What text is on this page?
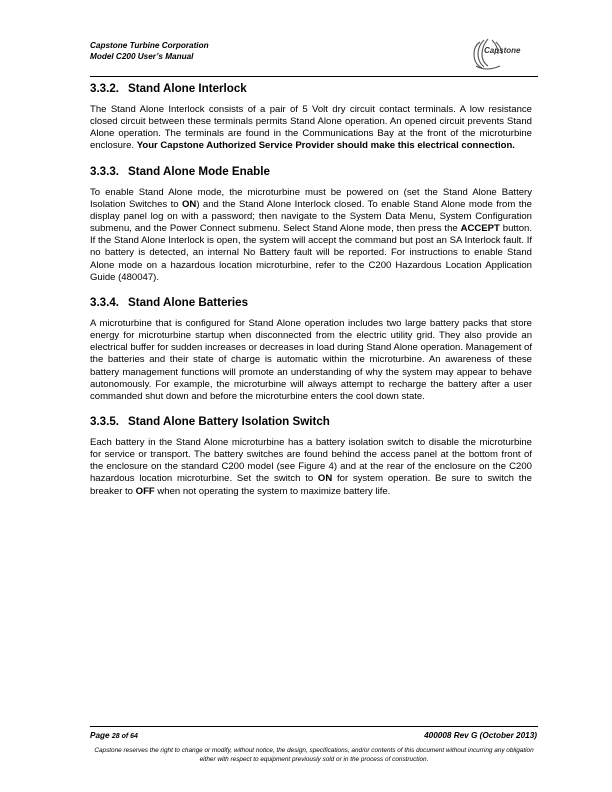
Capstone Turbine Corporation
Model C200 User’s Manual
Capstone
3.3.2. Stand Alone Interlock

The Stand Alone Interlock consists of a pair of 5 Volt dry circuit contact terminals. A low resistance closed circuit between these terminals permits Stand Alone operation. An opened circuit prevents Stand Alone operation. The terminals are found in the Communications Bay at the front of the microturbine enclosure. Your Capstone Authorized Service Provider should make this electrical connection.

3.3.3. Stand Alone Mode Enable

To enable Stand Alone mode, the microturbine must be powered on (set the Stand Alone Battery Isolation Switches to ON) and the Stand Alone Interlock closed. To enable Stand Alone mode from the display panel log on with a password; then navigate to the System Data Menu, System Configuration submenu, and the Power Connect submenu. Select Stand Alone mode, then press the ACCEPT button. If the Stand Alone Interlock is open, the system will accept the command but post an SA Interlock fault. If no battery is detected, an internal No Battery fault will be reported. For instructions to enable Stand Alone mode on a hazardous location microturbine, refer to the C200 Hazardous Location Application Guide (480047).

3.3.4. Stand Alone Batteries

A microturbine that is configured for Stand Alone operation includes two large battery packs that store energy for microturbine startup when disconnected from the electric utility grid. They also provide an electrical buffer for sudden increases or decreases in load during Stand Alone operation. Management of the batteries and their state of charge is automatic within the microturbine. An awareness of these battery management functions will promote an understanding of why the system may appear to behave autonomously. For example, the microturbine will always attempt to recharge the battery after a user commanded shut down and before the microturbine enters the cool down state.

3.3.5. Stand Alone Battery Isolation Switch

Each battery in the Stand Alone microturbine has a battery isolation switch to disable the microturbine for service or transport. The battery switches are found behind the access panel at the bottom front of the enclosure on the standard C200 model (see Figure 4) and at the rear of the enclosure on the C200 hazardous location microturbine. Set the switch to ON for system operation. Be sure to switch the breaker to OFF when not operating the system to maximize battery life.

Page 28 of 64	400008 Rev G (October 2013)
Capstone reserves the right to change or modify, without notice, the design, specifications, and/or contents of this document without incurring any obligation either with respect to equipment previously sold or in the process of construction.
